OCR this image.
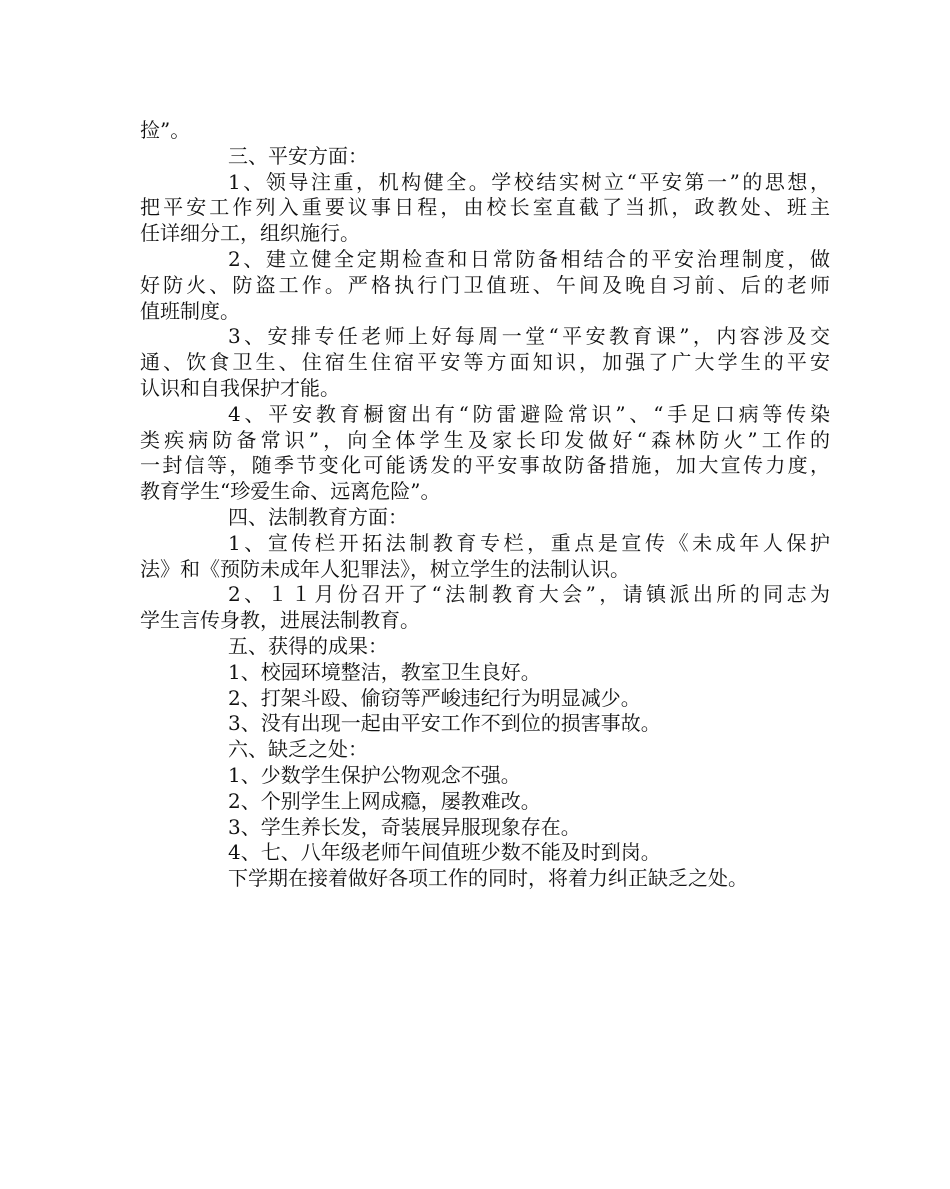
捡”。
三、平安方面：
1、领导注重，机构健全。学校结实树立“平安第一”的思想，
把平安工作列入重要议事日程，由校长室直截了当抓，政教处、班主
任详细分工，组织施行。
2、建立健全定期检查和日常防备相结合的平安治理制度，做
好防火、防盗工作。严格执行门卫值班、午间及晚自习前、后的老师
值班制度。
3、安排专任老师上好每周一堂“平安教育课”，内容涉及交
通、饮食卫生、住宿生住宿平安等方面知识，加强了广大学生的平安
认识和自我保护才能。
4、平安教育橱窗出有“防雷避险常识”、“手足口病等传染
类疾病防备常识”，向全体学生及家长印发做好“森林防火”工作的
一封信等，随季节变化可能诱发的平安事故防备措施，加大宣传力度，
教育学生“珍爱生命、远离危险”。
四、法制教育方面：
1、宣传栏开拓法制教育专栏，重点是宣传《未成年人保护
法》和《预防未成年人犯罪法》，树立学生的法制认识。
2、１１月份召开了“法制教育大会”，请镇派出所的同志为
学生言传身教，进展法制教育。
五、获得的成果：
1、校园环境整洁，教室卫生良好。
2、打架斗殴、偷窃等严峻违纪行为明显减少。
3、没有出现一起由平安工作不到位的损害事故。
六、缺乏之处：
1、少数学生保护公物观念不强。
2、个别学生上网成瘾，屡教难改。
3、学生养长发，奇装展异服现象存在。
4、七、八年级老师午间值班少数不能及时到岗。
下学期在接着做好各项工作的同时，将着力纠正缺乏之处。
